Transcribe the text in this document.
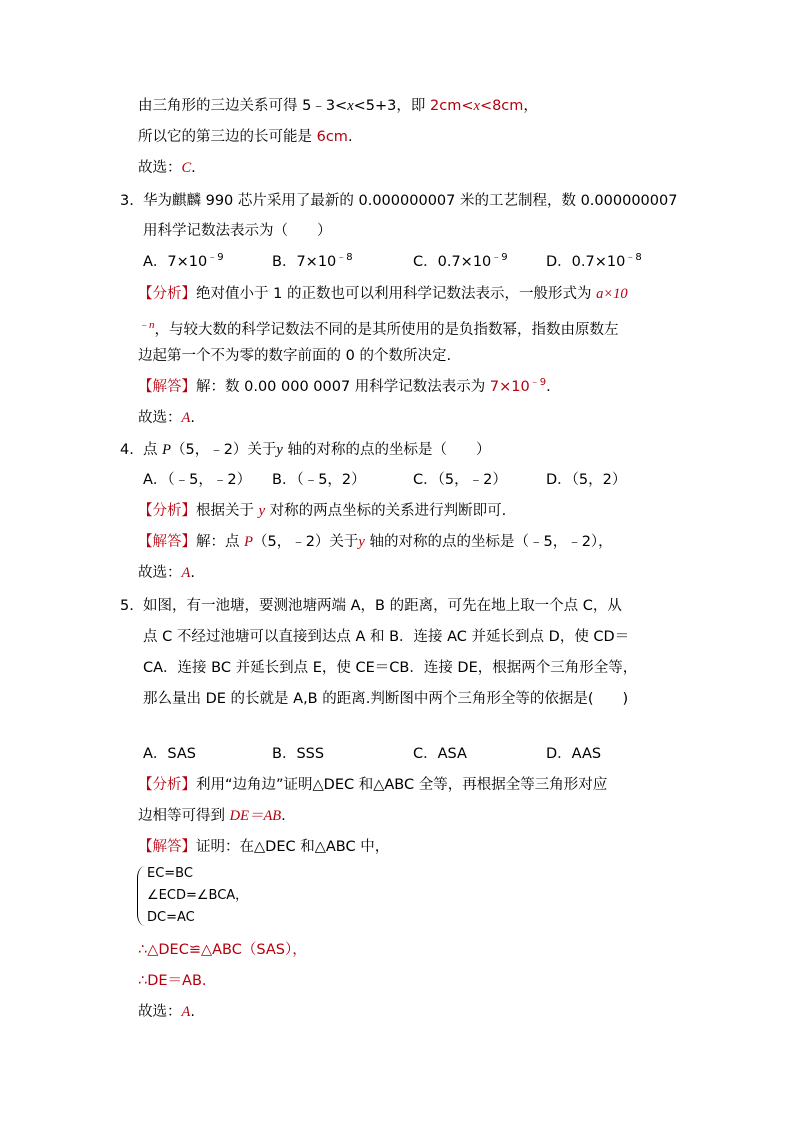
由三角形的三边关系可得 5﹣3<x<5+3，即 2cm<x<8cm，
所以它的第三边的长可能是 6cm.
故选：C.
3. 华为麒麟 990 芯片采用了最新的 0.000000007 米的工艺制程，数 0.000000007
用科学记数法表示为（　　）
A．$7\times 10^{﹣9}$	B．$7\times 10^{﹣8}$	C．$0.7\times 10^{﹣9}$	D．$0.7\times 10^{﹣8}$
【分析】绝对值小于 1 的正数也可以利用科学记数法表示，一般形式为 a×10
$^{﹣n}$，与较大数的科学记数法不同的是其所使用的是负指数幂，指数由原数左
边起第一个不为零的数字前面的 0 的个数所决定.
【解答】解：数 0.00 000 0007 用科学记数法表示为 $7\times 10^{﹣9}$.
故选：A.
4. 点 P（5，﹣2）关于y 轴的对称的点的坐标是（　　）
A．（﹣5，﹣2） B．（﹣5，2）	C．（5，﹣2）	D．（5，2）
【分析】根据关于 y 对称的两点坐标的关系进行判断即可.
【解答】解：点 P（5，﹣2）关于y 轴的对称的点的坐标是（﹣5，﹣2），
故选：A.
5. 如图，有一池塘，要测池塘两端 A，B 的距离，可先在地上取一个点 C，从
点 C 不经过池塘可以直接到达点 A 和 B．连接 AC 并延长到点 D，使 CD＝
CA．连接 BC 并延长到点 E，使 CE＝CB．连接 DE，根据两个三角形全等，
那么量出 DE 的长就是 A,B 的距离.判断图中两个三角形全等的依据是(　　)
A．SAS	B．SSS	C．ASA	D．AAS
【分析】利用“边角边”证明△DEC 和△ABC 全等，再根据全等三角形对应
边相等可得到 DE＝AB.
【解答】证明：在△DEC 和△ABC 中，
EC=BC
∠ECD=∠BCA，
DC=AC
∴△DEC≌△ABC（SAS），
∴DE＝AB.
故选：A.
